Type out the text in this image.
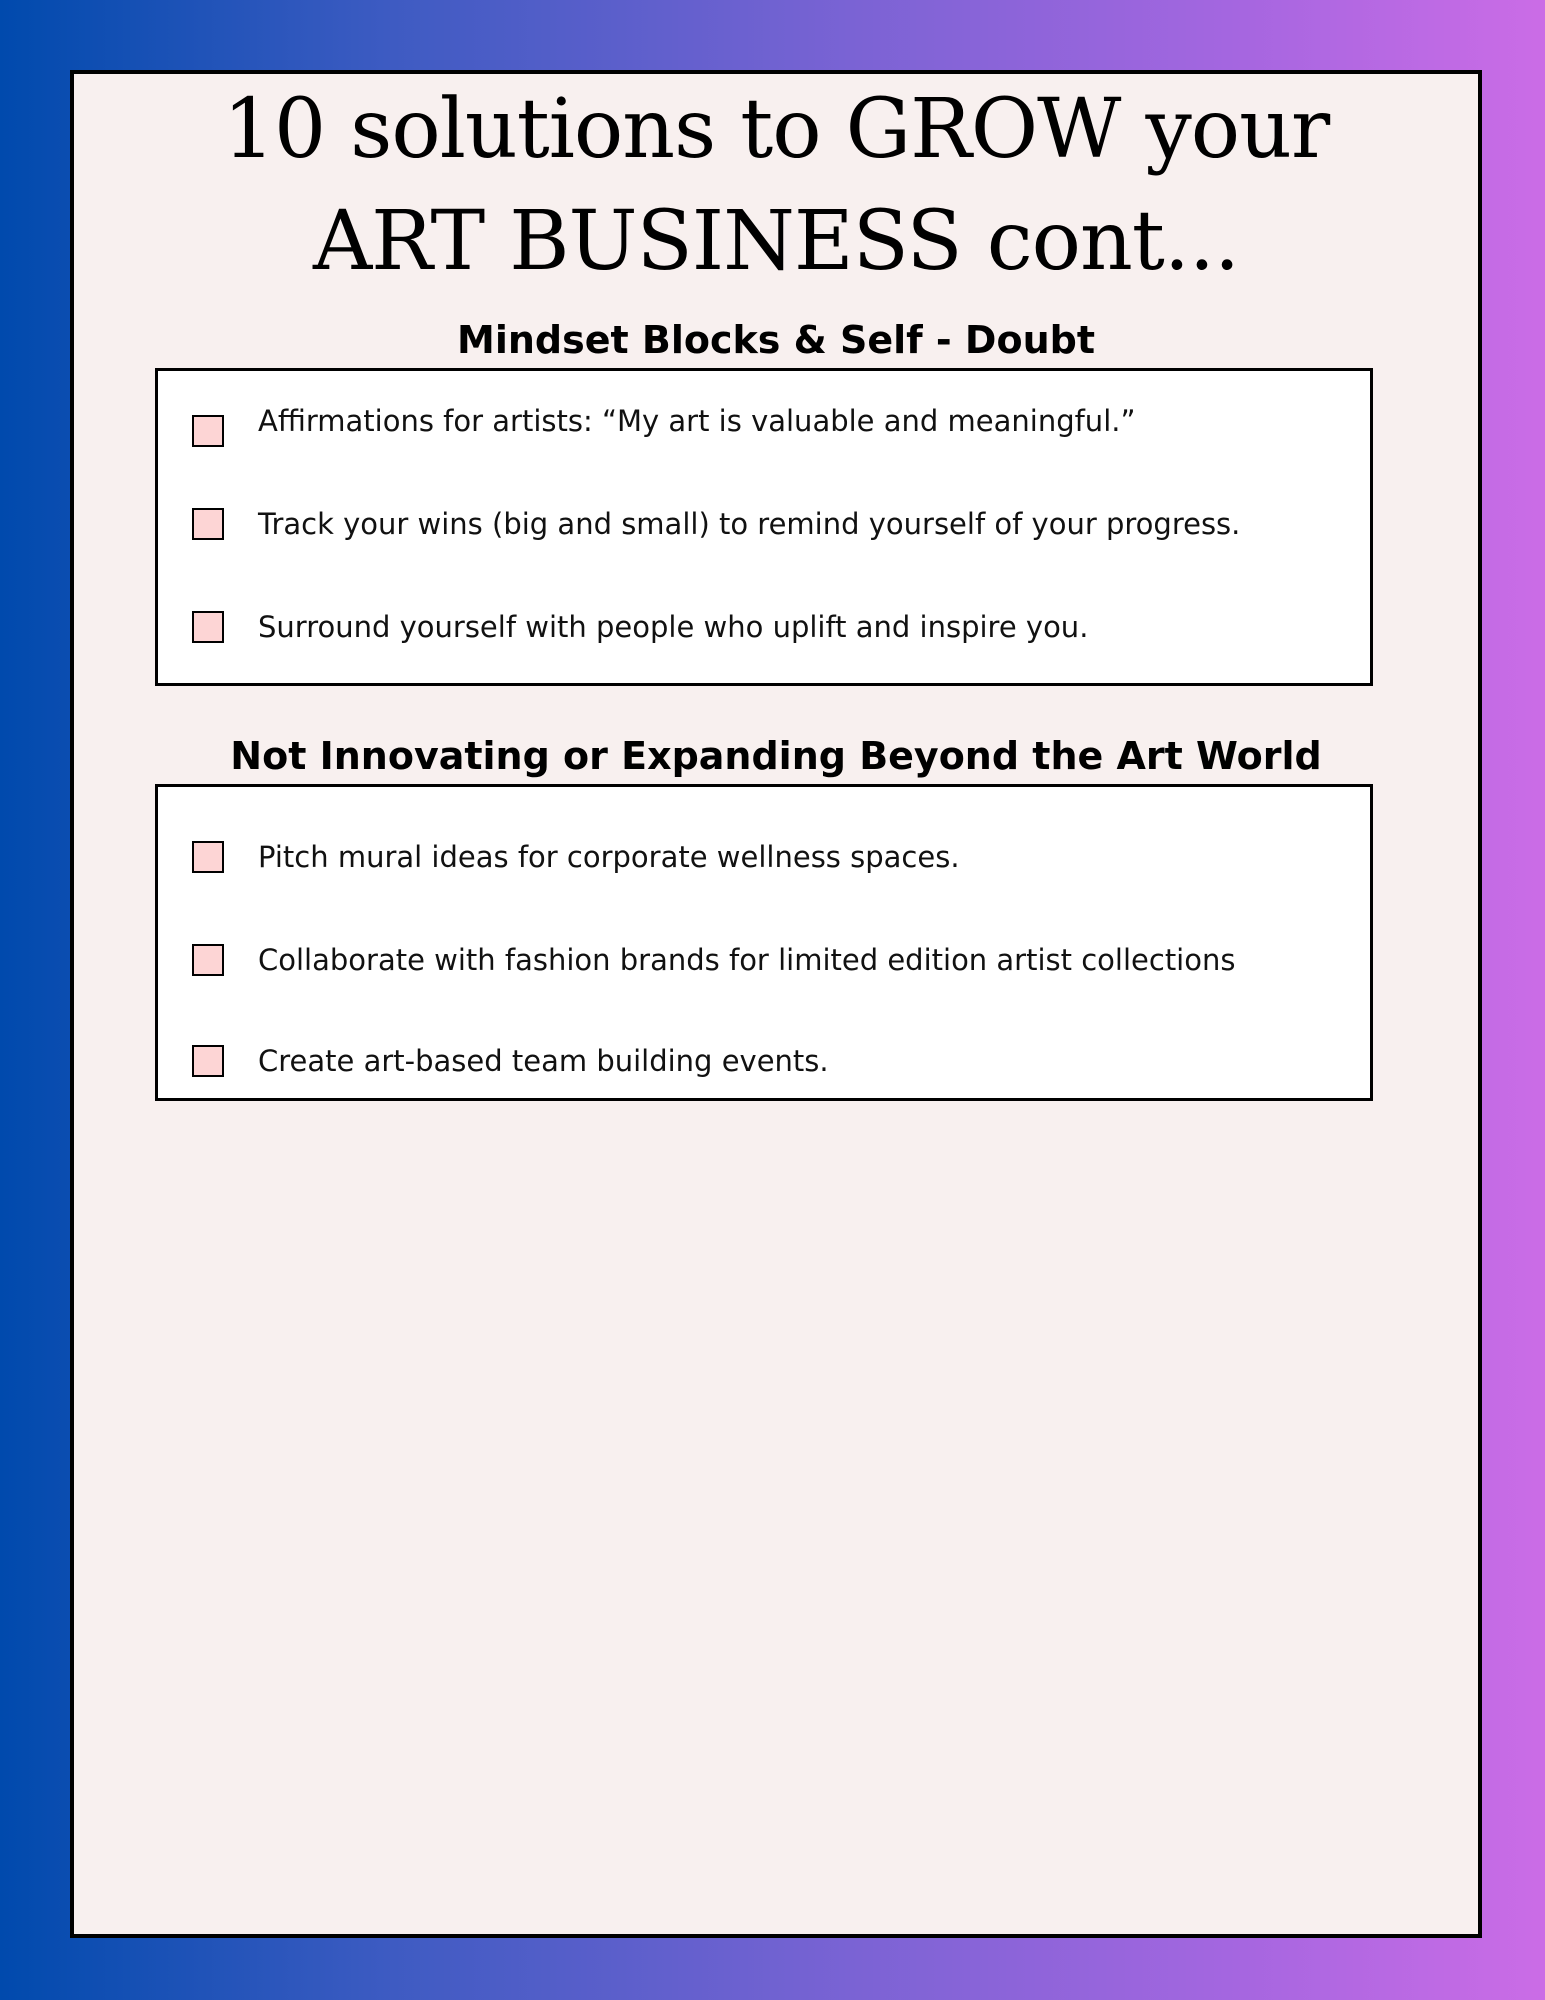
10 solutions to GROW your
ART BUSINESS cont...
Mindset Blocks & Self - Doubt
Affirmations for artists: “My art is valuable and meaningful.”
Track your wins (big and small) to remind yourself of your progress.
Surround yourself with people who uplift and inspire you.
Not Innovating or Expanding Beyond the Art World
Pitch mural ideas for corporate wellness spaces.
Collaborate with fashion brands for limited edition artist collections
Create art-based team building events.
